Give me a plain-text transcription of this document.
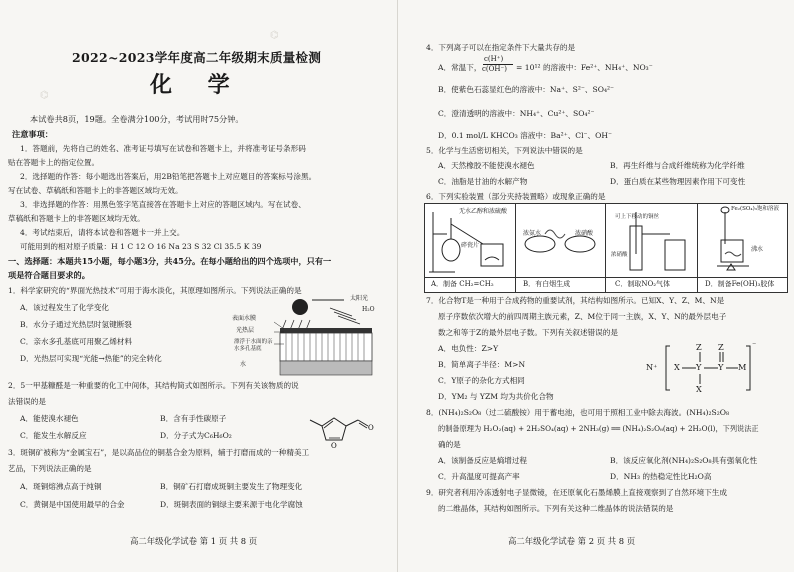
⌬
⌬
2022~2023学年度高二年级期末质量检测
化 学
本试卷共8页，19题。全卷满分100分，考试用时75分钟。
注意事项：
1．答题前，先将自己的姓名、准考证号填写在试卷和答题卡上，并将准考证号条形码
贴在答题卡上的指定位置。
2．选择题的作答：每小题选出答案后，用2B铅笔把答题卡上对应题目的答案标号涂黑。
写在试卷、草稿纸和答题卡上的非答题区域均无效。
3．非选择题的作答：用黑色签字笔直接答在答题卡上对应的答题区域内。写在试卷、
草稿纸和答题卡上的非答题区域均无效。
4．考试结束后，请将本试卷和答题卡一并上交。
可能用到的相对原子质量：H 1 C 12 O 16 Na 23 S 32 Cl 35.5 K 39
一、选择题：本题共15小题，每小题3分，共45分。在每小题给出的四个选项中，只有一
项是符合题目要求的。
1．科学家研究的“界面光热技术”可用于海水淡化，其原理如图所示。下列说法正确的是
A．该过程发生了化学变化
B．水分子通过光热层时氢键断裂
C．亲水多孔基底可用聚乙烯材料
D．光热层可实现“光能→热能”的完全转化
表面水膜
光热层
漂浮于水面的亲水多孔基底
太阳光
H₂O
水
2．5一甲基糠醛是一种重要的化工中间体，其结构简式如图所示。下列有关该物质的说
法错误的是
A．能使溴水褪色	B．含有手性碳原子
C．能发生水解反应	D．分子式为C₆H₆O₂
O
O
3．斑铜矿被称为“金属宝石”，是以高品位的铜基合金为原料，辅于打磨而成的一种精美工
艺品，下列说法正确的是
A．斑铜熔沸点高于纯铜	B．铜矿石打磨成斑铜主要发生了物理变化
C．黄铜是中国使用最早的合金	D．斑铜表面的铜绿主要来源于电化学腐蚀
高二年级化学试卷 第 1 页 共 8 页
4．下列离子可以在指定条件下大量共存的是
A．常温下，
c(H⁺)
c(OH⁻) = 10¹² 的溶液中：Fe²⁺、NH₄⁺、NO₃⁻
B．使紫色石蕊显红色的溶液中：Na⁺、S²⁻、SO₄²⁻
C．澄清透明的溶液中：NH₄⁺、Cu²⁺、SO₄²⁻
D．0.1 mol/L KHCO₃ 溶液中：Ba²⁺、Cl⁻、OH⁻
5．化学与生活密切相关，下列说法中错误的是
A．天然橡胶不能使溴水褪色	B．再生纤维与合成纤维统称为化学纤维
C．油脂是甘油的水解产物	D．蛋白质在某些物理因素作用下可变性
6．下列实验装置（部分夹持装置略）或现象正确的是
无水乙醇和浓硫酸
碎瓷片
浓氨水	浓硝酸
可上下移动的铜丝
浓硝酸
Fe₂(SO₄)₃饱和溶液
沸水
A．制备 CH₂=CH₂	B．有白烟生成	C．制取NO₂气体	D．制备Fe(OH)₃胶体
7．化合物T是一种用于合成药物的重要试剂，其结构如图所示。已知X、Y、Z、M、N是
原子序数依次增大的前四周期主族元素，Z、M位于同一主族，X、Y、N的最外层电子
数之和等于Z的最外层电子数。下列有关叙述错误的是
A．电负性：Z>Y
B．简单离子半径：M>N
C．Y原子的杂化方式相同
D．YM₂ 与 YZM 均为共价化合物
N⁺ X Y
Z
Y M
X
Z	⁻
8．(NH₄)₂S₂O₈（过二硫酸铵）用于蓄电池，也可用于照相工业中除去海波。(NH₄)₂S₂O₈
的制备原理为 H₂O₂(aq) + 2H₂SO₄(aq) + 2NH₃(g) ══ (NH₄)₂S₂O₈(aq) + 2H₂O(l)，下列说法正
确的是
A．该制备反应是熵增过程	B．该反应氧化剂(NH₄)₂S₂O₈具有强氧化性
C．升高温度可提高产率	D．NH₃ 的热稳定性比H₂O高
9．研究者利用冷冻透射电子显微镜，在还原氧化石墨烯膜上直接观察到了自然环境下生成
的二维晶体，其结构如图所示。下列有关这种二维晶体的说法错误的是
高二年级化学试卷 第 2 页 共 8 页
